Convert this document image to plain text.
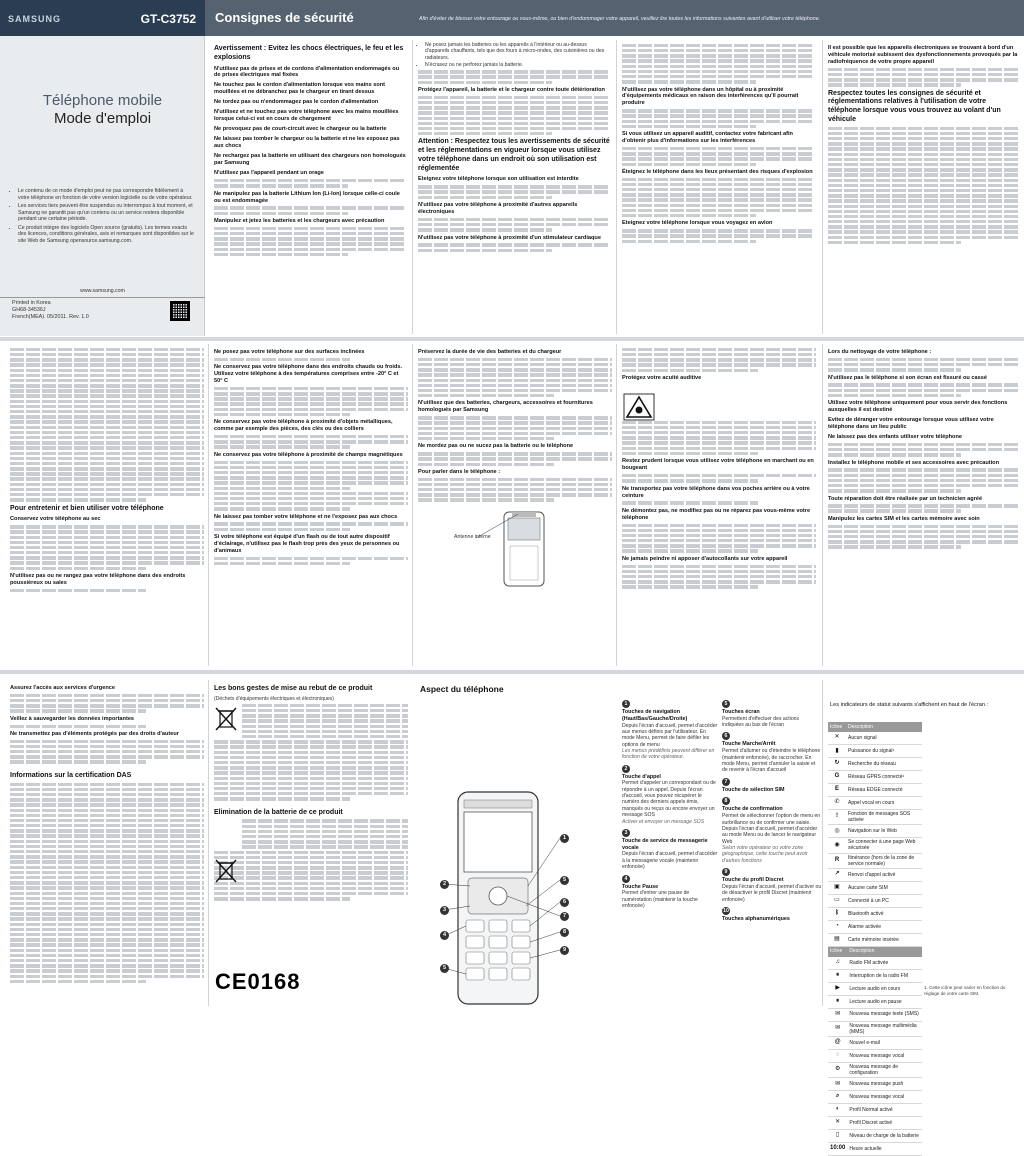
SAMSUNG	GT-C3752
Téléphone mobile
Mode d'emploi
• Le contenu de ce mode d'emploi peut ne pas correspondre fidèlement à votre téléphone en fonction de votre version logicielle ou de votre opérateur.
• Les services tiers peuvent être suspendus ou interrompus à tout moment, et Samsung ne garantit pas qu'un contenu ou un service restera disponible pendant une certaine période.
• Ce produit intègre des logiciels Open source (gratuits). Les termes exacts des licences, conditions générales, avis et remarques sont disponibles sur le site Web de Samsung opensource.samsung.com.
www.samsung.com
Printed in Korea
GH68-34536J
French(MEA). 05/2011. Rev. 1.0
Consignes de sécurité	Afin d'éviter de blesser votre entourage ou vous-même, ou bien d'endommager votre appareil, veuillez lire toutes les informations suivantes avant d'utiliser votre téléphone.
Avertissement : Evitez les chocs électriques, le feu et les explosions
N'utilisez pas de prises et de cordons d'alimentation endommagés ou de prises électriques mal fixées
Ne touchez pas le cordon d'alimentation lorsque vos mains sont mouillées et ne débranchez pas le chargeur en tirant dessus
Ne tordez pas ou n'endommagez pas le cordon d'alimentation
N'utilisez et ne touchez pas votre téléphone avec les mains mouillées lorsque celui-ci est en cours de chargement
Ne provoquez pas de court-circuit avec le chargeur ou la batterie
Ne laissez pas tomber le chargeur ou la batterie et ne les exposez pas aux chocs
Ne rechargez pas la batterie en utilisant des chargeurs non homologués par Samsung
N'utilisez pas l'appareil pendant un orage
Ne manipulez pas la batterie Lithium Ion (Li-Ion) lorsque celle-ci coule ou est endommagée
Manipulez et jetez les batteries et les chargeurs avec précaution
• Ne posez jamais les batteries ou les appareils à l'intérieur ou au-dessus d'appareils chauffants, tels que des fours à micro-ondes, des cuisinières ou des radiateurs.
• N'écrasez ou ne perforez jamais la batterie.
Protégez l'appareil, la batterie et le chargeur contre toute détérioration
Attention : Respectez tous les avertissements de sécurité et les réglementations en vigueur lorsque vous utilisez votre téléphone dans un endroit où son utilisation est réglementée
Eteignez votre téléphone lorsque son utilisation est interdite
N'utilisez pas votre téléphone à proximité d'autres appareils électroniques
N'utilisez pas votre téléphone à proximité d'un stimulateur cardiaque
N'utilisez pas votre téléphone dans un hôpital ou à proximité d'équipements médicaux en raison des interférences qu'il pourrait produire
Si vous utilisez un appareil auditif, contactez votre fabricant afin d'obtenir plus d'informations sur les interférences
Éteignez le téléphone dans les lieux présentant des risques d'explosion
Eteignez votre téléphone lorsque vous voyagez en avion
Il est possible que les appareils électroniques se trouvant à bord d'un véhicule motorisé subissent des dysfonctionnements provoqués par la radiofréquence de votre propre appareil
Respectez toutes les consignes de sécurité et réglementations relatives à l'utilisation de votre téléphone lorsque vous vous trouvez au volant d'un véhicule
Pour entretenir et bien utiliser votre téléphone
Conservez votre téléphone au sec
N'utilisez pas ou ne rangez pas votre téléphone dans des endroits poussiéreux ou sales
Ne posez pas votre téléphone sur des surfaces inclinées
Ne conservez pas votre téléphone dans des endroits chauds ou froids. Utilisez votre téléphone à des températures comprises entre -20° C et 50° C
Ne conservez pas votre téléphone à proximité d'objets métalliques, comme par exemple des pièces, des clés ou des colliers
Ne conservez pas votre téléphone à proximité de champs magnétiques
Ne laissez pas tomber votre téléphone et ne l'exposez pas aux chocs
Si votre téléphone est équipé d'un flash ou de tout autre dispositif d'éclairage, n'utilisez pas le flash trop près des yeux de personnes ou d'animaux
Préservez la durée de vie des batteries et du chargeur
N'utilisez que des batteries, chargeurs, accessoires et fournitures homologués par Samsung
Ne mordez pas ou ne sucez pas la batterie ou le téléphone
Pour parler dans le téléphone :
Antenne interne
Protégez votre acuité auditive
Restez prudent lorsque vous utilisez votre téléphone en marchant ou en bougeant
Ne transportez pas votre téléphone dans vos poches arrière ou à votre ceinture
Ne démontez pas, ne modifiez pas ou ne réparez pas vous-même votre téléphone
Ne jamais peindre ni apposer d'autocollants sur votre appareil
Lors du nettoyage de votre téléphone :
N'utilisez pas le téléphone si son écran est fissuré ou cassé
Utilisez votre téléphone uniquement pour vous servir des fonctions auxquelles il est destiné
Evitez de déranger votre entourage lorsque vous utilisez votre téléphone dans un lieu public
Ne laissez pas des enfants utiliser votre téléphone
Installez le téléphone mobile et ses accessoires avec précaution
Toute réparation doit être réalisée par un technicien agréé
Manipulez les cartes SIM et les cartes mémoire avec soin
Assurez l'accès aux services d'urgence
Veillez à sauvegarder les données importantes
Ne transmettez pas d'éléments protégés par des droits d'auteur
Informations sur la certification DAS
Les bons gestes de mise au rebut de ce produit

(Déchets d'équipements électriques et électroniques)

Elimination de la batterie de ce produit
CE0168
Aspect du téléphone
2
3
4
5
1
5
6
7
8
9
1
Touches de navigation (Haut/Bas/Gauche/Droite)
Depuis l'écran d'accueil, permet d'accéder aux menus définis par l'utilisateur. En mode Menu, permet de faire défiler les options de menu
Les menus prédéfinis peuvent différer en fonction de votre opérateur.
2
Touche d'appel
Permet d'appeler un correspondant ou de répondre à un appel. Depuis l'écran d'accueil, vous pouvez récupérer le numéro des derniers appels émis, manqués ou reçus ou encore envoyer un message SOS
Activer et envoyer un message SOS
3
Touche de service de messagerie vocale
Depuis l'écran d'accueil, permet d'accéder à la messagerie vocale (maintenir enfoncée)
4
Touche Pause
Permet d'entrer une pause de numérotation (maintenir la touche enfoncée)
5
Touches écran
Permettent d'effectuer des actions indiquées au bas de l'écran
6
Touche Marche/Arrêt
Permet d'allumer ou d'éteindre le téléphone (maintenir enfoncée), de raccrocher. En mode Menu, permet d'annuler la saisie et de revenir à l'écran d'accueil
7
Touche de sélection SIM
8
Touche de confirmation
Permet de sélectionner l'option de menu en surbrillance ou de confirmer une saisie. Depuis l'écran d'accueil, permet d'accéder au mode Menu ou de lancer le navigateur Web
Selon votre opérateur ou votre zone géographique, cette touche peut avoir d'autres fonctions
9
Touche du profil Discret
Depuis l'écran d'accueil, permet d'activer ou de désactiver le profil Discret (maintenir enfoncée)
10
Touches alphanumériques
Les indicateurs de statut suivants s'affichent en haut de l'écran :
Icône	Description
✕	Aucun signal
▮	Puissance du signal¹
↻	Recherche du réseau
G	Réseau GPRS connecté¹
E	Réseau EDGE connecté
✆	Appel vocal en cours
!	Fonction de messages SOS activée
◎	Navigation sur le Web
◉	Se connecter à une page Web sécurisée
R	Itinérance (hors de la zone de service normale)
↗	Renvoi d'appel activé
▣	Aucune carte SIM
▭	Connecté à un PC
ᛒ	Bluetooth activé
◔	Alarme activée
▤	Carte mémoire insérée
Icône	Description
♫	Radio FM activée
⏸	Interruption de la radio FM
▶	Lecture audio en cours
⏸	Lecture audio en pause
✉	Nouveau message texte (SMS)
✉	Nouveau message multimédia (MMS)
@	Nouvel e-mail
◌	Nouveau message vocal
⚙	Nouveau message de configuration
✉	Nouveau message push
⌕	Nouveau message vocal
◐	Profil Normal activé
✕	Profil Discret activé
▯	Niveau de charge de la batterie
10:00	Heure actuelle
1. Cette icône peut varier en fonction du réglage de votre carte SIM.
